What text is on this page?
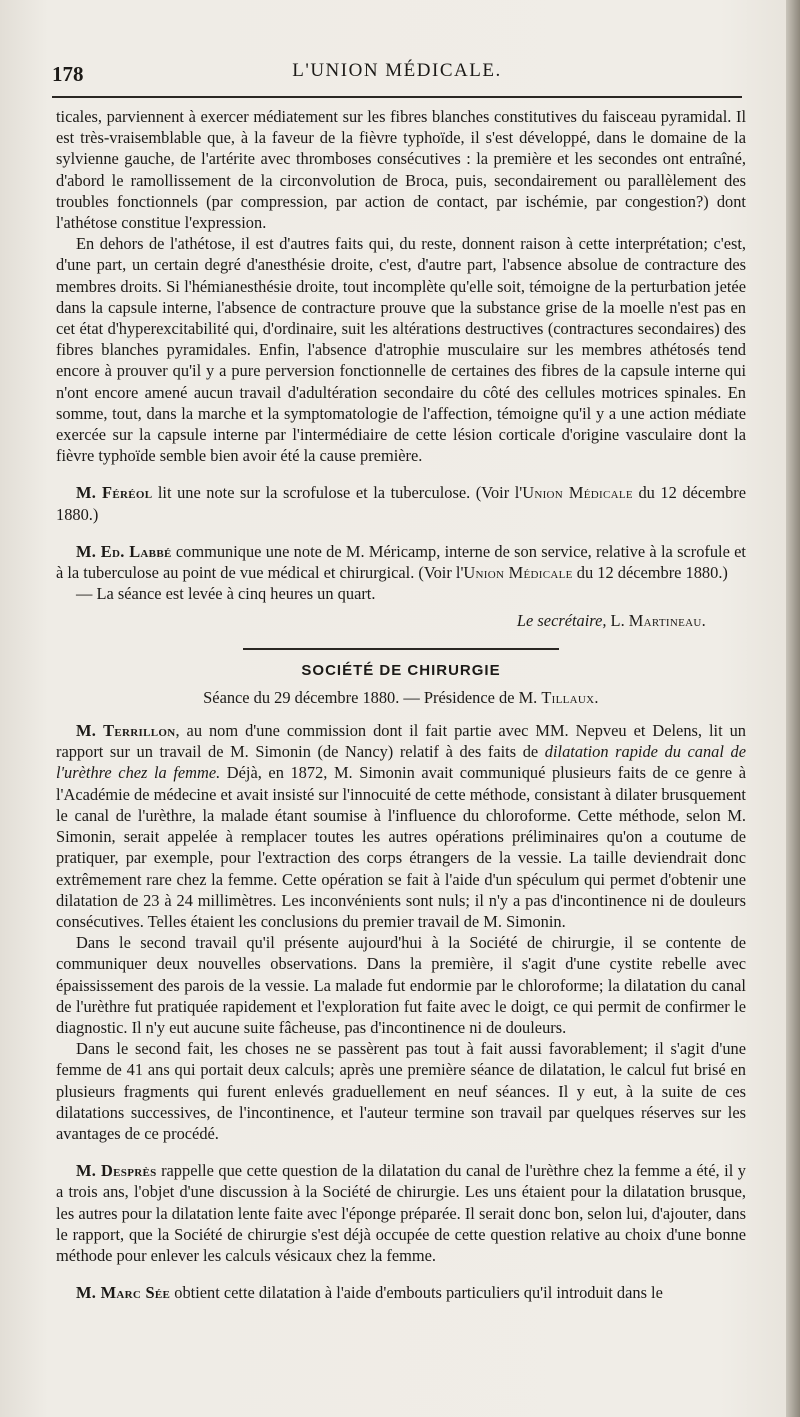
178	L'UNION MÉDICALE.

ticales, parviennent à exercer médiatement sur les fibres blanches constitutives du faisceau pyramidal. Il est très-vraisemblable que, à la faveur de la fièvre typhoïde, il s'est développé, dans le domaine de la sylvienne gauche, de l'artérite avec thromboses consécutives : la première et les secondes ont entraîné, d'abord le ramollissement de la circonvolution de Broca, puis, secondairement ou parallèlement des troubles fonctionnels (par compression, par action de contact, par ischémie, par congestion?) dont l'athétose constitue l'expression.

En dehors de l'athétose, il est d'autres faits qui, du reste, donnent raison à cette interprétation; c'est, d'une part, un certain degré d'anesthésie droite, c'est, d'autre part, l'absence absolue de contracture des membres droits. Si l'hémianesthésie droite, tout incomplète qu'elle soit, témoigne de la perturbation jetée dans la capsule interne, l'absence de contracture prouve que la substance grise de la moelle n'est pas en cet état d'hyperexcitabilité qui, d'ordinaire, suit les altérations destructives (contractures secondaires) des fibres blanches pyramidales. Enfin, l'absence d'atrophie musculaire sur les membres athétosés tend encore à prouver qu'il y a pure perversion fonctionnelle de certaines des fibres de la capsule interne qui n'ont encore amené aucun travail d'adultération secondaire du côté des cellules motrices spinales. En somme, tout, dans la marche et la symptomatologie de l'affection, témoigne qu'il y a une action médiate exercée sur la capsule interne par l'intermédiaire de cette lésion corticale d'origine vasculaire dont la fièvre typhoïde semble bien avoir été la cause première.

M. Féréol lit une note sur la scrofulose et la tuberculose. (Voir l'Union Médicale du 12 décembre 1880.)

M. Ed. Labbé communique une note de M. Méricamp, interne de son service, relative à la scrofule et à la tuberculose au point de vue médical et chirurgical. (Voir l'Union Médicale du 12 décembre 1880.)

— La séance est levée à cinq heures un quart.

Le secrétaire, L. Martineau.

SOCIÉTÉ DE CHIRURGIE

Séance du 29 décembre 1880. — Présidence de M. Tillaux.

M. Terrillon, au nom d'une commission dont il fait partie avec MM. Nepveu et Delens, lit un rapport sur un travail de M. Simonin (de Nancy) relatif à des faits de dilatation rapide du canal de l'urèthre chez la femme. Déjà, en 1872, M. Simonin avait communiqué plusieurs faits de ce genre à l'Académie de médecine et avait insisté sur l'innocuité de cette méthode, consistant à dilater brusquement le canal de l'urèthre, la malade étant soumise à l'influence du chloroforme. Cette méthode, selon M. Simonin, serait appelée à remplacer toutes les autres opérations préliminaires qu'on a coutume de pratiquer, par exemple, pour l'extraction des corps étrangers de la vessie. La taille deviendrait donc extrêmement rare chez la femme. Cette opération se fait à l'aide d'un spéculum qui permet d'obtenir une dilatation de 23 à 24 millimètres. Les inconvénients sont nuls; il n'y a pas d'incontinence ni de douleurs consécutives. Telles étaient les conclusions du premier travail de M. Simonin.

Dans le second travail qu'il présente aujourd'hui à la Société de chirurgie, il se contente de communiquer deux nouvelles observations. Dans la première, il s'agit d'une cystite rebelle avec épaississement des parois de la vessie. La malade fut endormie par le chloroforme; la dilatation du canal de l'urèthre fut pratiquée rapidement et l'exploration fut faite avec le doigt, ce qui permit de confirmer le diagnostic. Il n'y eut aucune suite fâcheuse, pas d'incontinence ni de douleurs.

Dans le second fait, les choses ne se passèrent pas tout à fait aussi favorablement; il s'agit d'une femme de 41 ans qui portait deux calculs; après une première séance de dilatation, le calcul fut brisé en plusieurs fragments qui furent enlevés graduellement en neuf séances. Il y eut, à la suite de ces dilatations successives, de l'incontinence, et l'auteur termine son travail par quelques réserves sur les avantages de ce procédé.

M. Desprès rappelle que cette question de la dilatation du canal de l'urèthre chez la femme a été, il y a trois ans, l'objet d'une discussion à la Société de chirurgie. Les uns étaient pour la dilatation brusque, les autres pour la dilatation lente faite avec l'éponge préparée. Il serait donc bon, selon lui, d'ajouter, dans le rapport, que la Société de chirurgie s'est déjà occupée de cette question relative au choix d'une bonne méthode pour enlever les calculs vésicaux chez la femme.

M. Marc Sée obtient cette dilatation à l'aide d'embouts particuliers qu'il introduit dans le
